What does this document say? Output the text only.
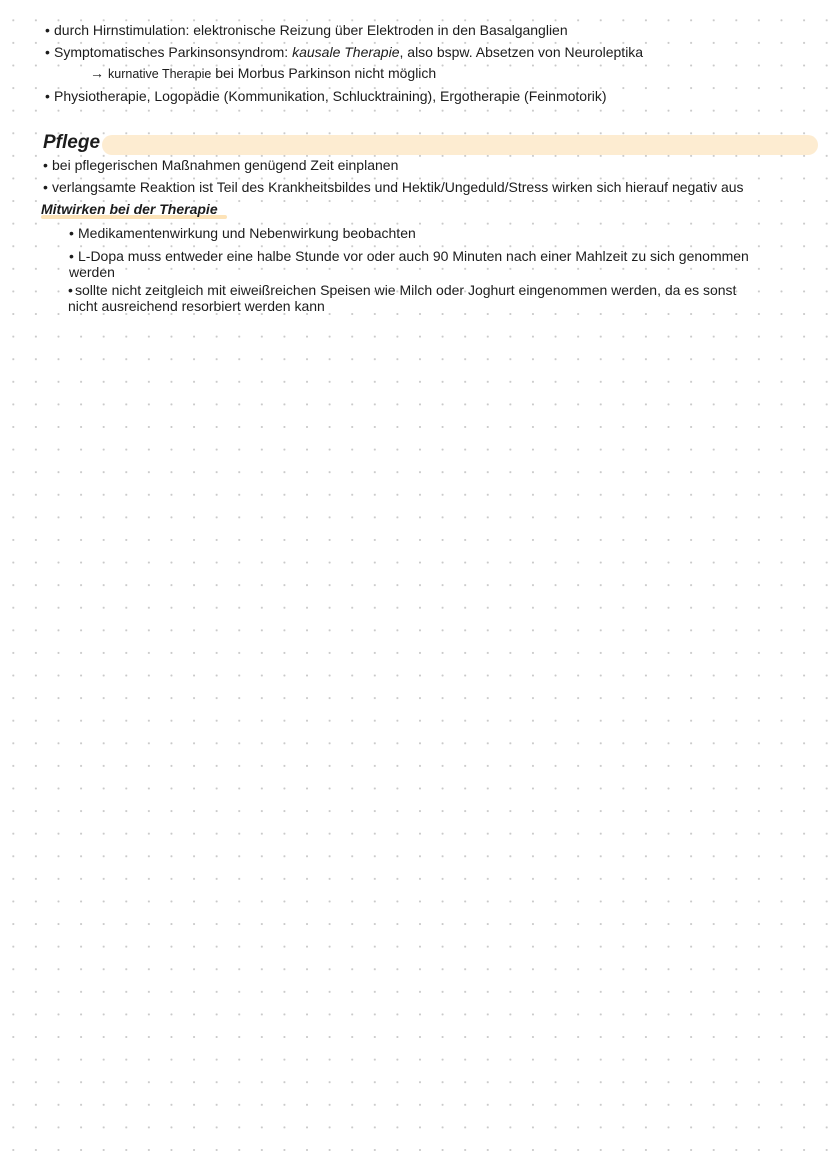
• durch Hirnstimulation: elektronische Reizung über Elektroden in den Basalganglien
• Symptomatisches Parkinsonsyndrom: kausale Therapie, also bspw. Absetzen von Neuroleptika
→ kurnative Therapie bei Morbus Parkinson nicht möglich
• Physiotherapie, Logopädie (Kommunikation, Schlucktraining), Ergotherapie (Feinmotorik)
Pflege
• bei pflegerischen Maßnahmen genügend Zeit einplanen
• verlangsamte Reaktion ist Teil des Krankheitsbildes und Hektik/Ungeduld/Stress wirken sich hierauf negativ aus
Mitwirken bei der Therapie
• Medikamentenwirkung und Nebenwirkung beobachten
• L-Dopa muss entweder eine halbe Stunde vor oder auch 90 Minuten nach einer Mahlzeit zu sich genommen
werden
• sollte nicht zeitgleich mit eiweißreichen Speisen wie Milch oder Joghurt eingenommen werden, da es sonst
nicht ausreichend resorbiert werden kann
